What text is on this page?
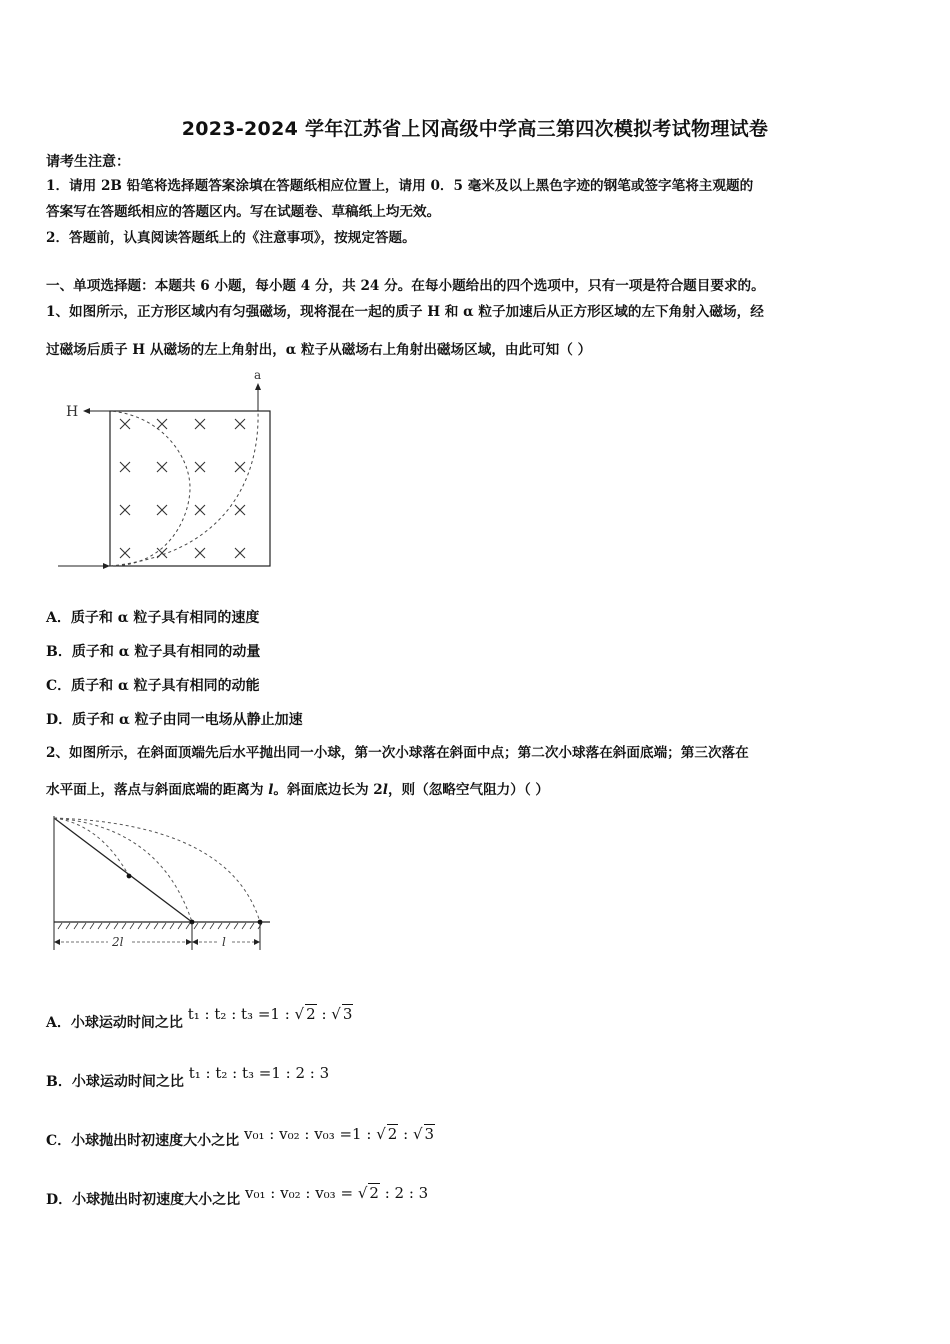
2023-2024 学年江苏省上冈高级中学高三第四次模拟考试物理试卷
请考生注意：
1．请用 2B 铅笔将选择题答案涂填在答题纸相应位置上，请用 0．5 毫米及以上黑色字迹的钢笔或签字笔将主观题的
答案写在答题纸相应的答题区内。写在试题卷、草稿纸上均无效。
2．答题前，认真阅读答题纸上的《注意事项》，按规定答题。
一、单项选择题：本题共 6 小题，每小题 4 分，共 24 分。在每小题给出的四个选项中，只有一项是符合题目要求的。
1、如图所示，正方形区域内有匀强磁场，现将混在一起的质子 H 和 α 粒子加速后从正方形区域的左下角射入磁场，经
过磁场后质子 H 从磁场的左上角射出，α 粒子从磁场右上角射出磁场区域，由此可知（ ）
H
a
A．质子和 α 粒子具有相同的速度
B．质子和 α 粒子具有相同的动量
C．质子和 α 粒子具有相同的动能
D．质子和 α 粒子由同一电场从静止加速
2、如图所示，在斜面顶端先后水平抛出同一小球，第一次小球落在斜面中点；第二次小球落在斜面底端；第三次落在
水平面上，落点与斜面底端的距离为 l。斜面底边长为 2l，则（忽略空气阻力）（ ）
2l	l
A．小球运动时间之比 t₁ : t₂ : t₃ =1 : √ 2 : √ 3
B．小球运动时间之比 t₁ : t₂ : t₃ =1 : 2 : 3
C．小球抛出时初速度大小之比 v₀₁ : v₀₂ : v₀₃ =1 : √ 2 : √ 3
D．小球抛出时初速度大小之比 v₀₁ : v₀₂ : v₀₃ = √ 2 : 2 : 3
